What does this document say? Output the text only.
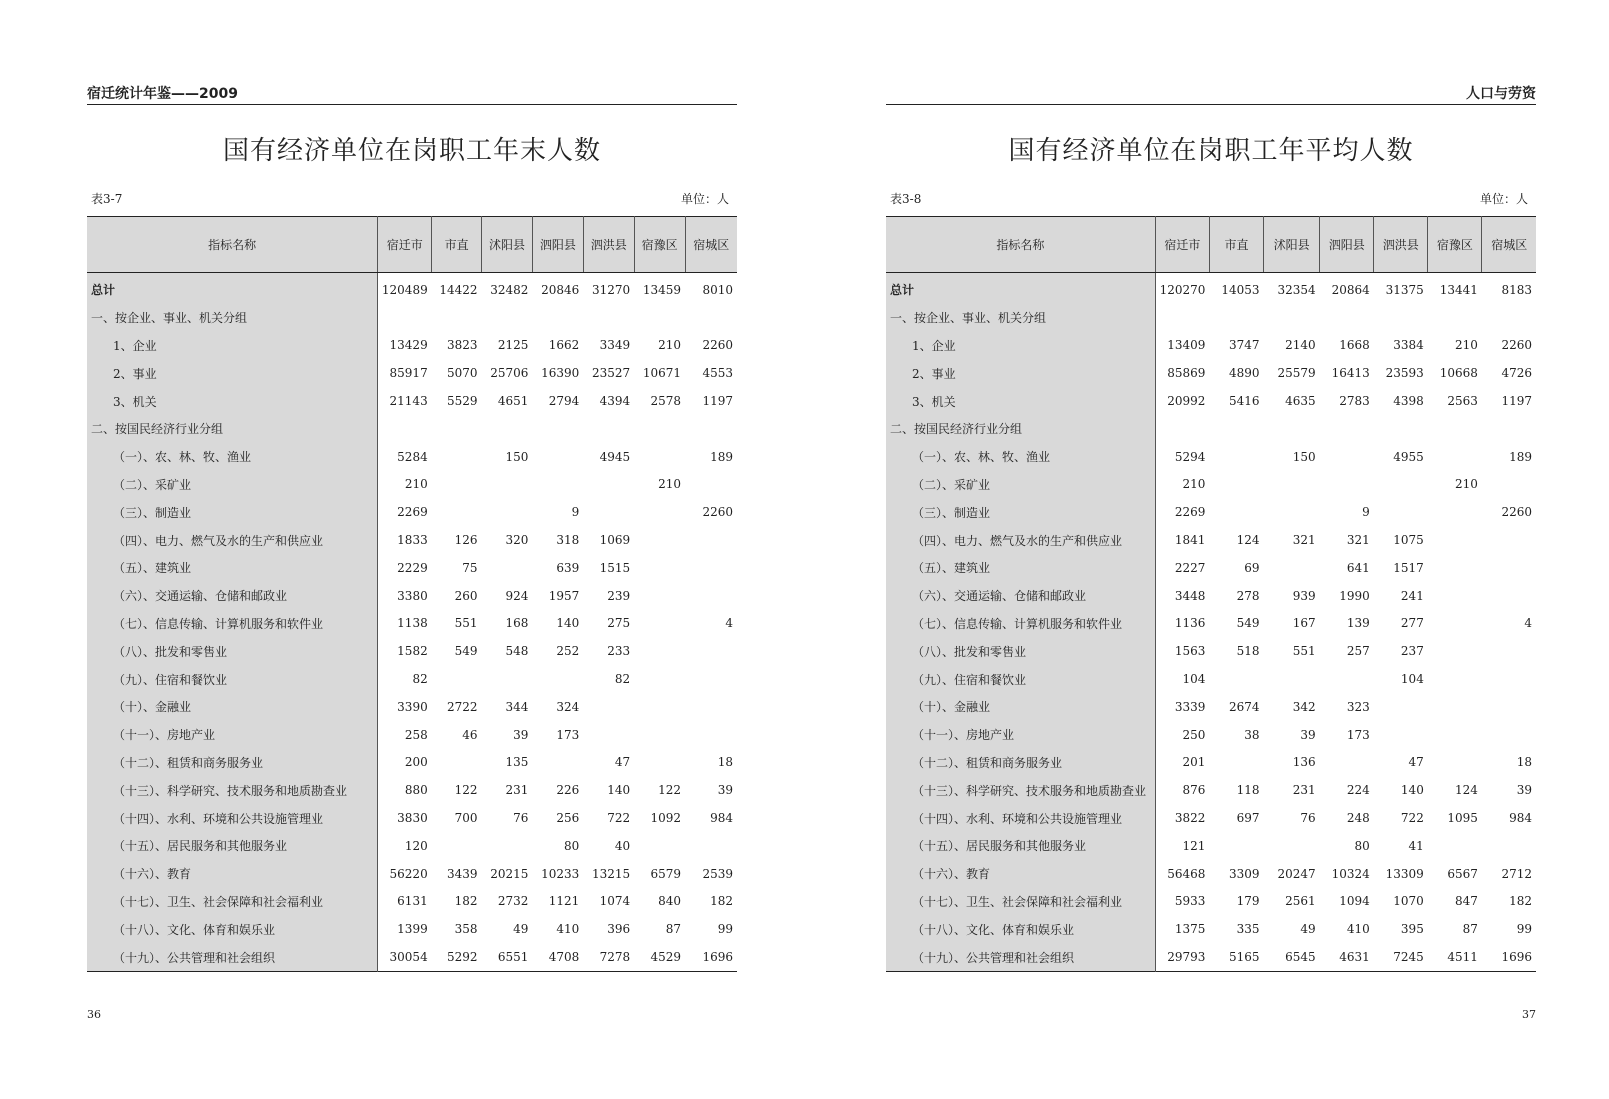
宿迁统计年鉴——2009
国有经济单位在岗职工年末人数
表3-7	单位：人
指标名称	宿迁市	市直	沭阳县	泗阳县	泗洪县	宿豫区	宿城区
总计	120489	14422	32482	20846	31270	13459	8010
一、按企业、事业、机关分组							
1、企业	13429	3823	2125	1662	3349	210	2260
2、事业	85917	5070	25706	16390	23527	10671	4553
3、机关	21143	5529	4651	2794	4394	2578	1197
二、按国民经济行业分组							
（一）、农、林、牧、渔业	5284		150		4945		189
（二）、采矿业	210					210	
（三）、制造业	2269			9			2260
（四）、电力、燃气及水的生产和供应业	1833	126	320	318	1069		
（五）、建筑业	2229	75		639	1515		
（六）、交通运输、仓储和邮政业	3380	260	924	1957	239		
（七）、信息传输、计算机服务和软件业	1138	551	168	140	275		4
（八）、批发和零售业	1582	549	548	252	233		
（九）、住宿和餐饮业	82				82		
（十）、金融业	3390	2722	344	324			
（十一）、房地产业	258	46	39	173			
（十二）、租赁和商务服务业	200		135		47		18
（十三）、科学研究、技术服务和地质勘查业	880	122	231	226	140	122	39
（十四）、水利、环境和公共设施管理业	3830	700	76	256	722	1092	984
（十五）、居民服务和其他服务业	120			80	40		
（十六）、教育	56220	3439	20215	10233	13215	6579	2539
（十七）、卫生、社会保障和社会福利业	6131	182	2732	1121	1074	840	182
（十八）、文化、体育和娱乐业	1399	358	49	410	396	87	99
（十九）、公共管理和社会组织	30054	5292	6551	4708	7278	4529	1696
36
人口与劳资
国有经济单位在岗职工年平均人数
表3-8	单位：人
指标名称	宿迁市	市直	沭阳县	泗阳县	泗洪县	宿豫区	宿城区
总计	120270	14053	32354	20864	31375	13441	8183
一、按企业、事业、机关分组							
1、企业	13409	3747	2140	1668	3384	210	2260
2、事业	85869	4890	25579	16413	23593	10668	4726
3、机关	20992	5416	4635	2783	4398	2563	1197
二、按国民经济行业分组							
（一）、农、林、牧、渔业	5294		150		4955		189
（二）、采矿业	210					210	
（三）、制造业	2269			9			2260
（四）、电力、燃气及水的生产和供应业	1841	124	321	321	1075		
（五）、建筑业	2227	69		641	1517		
（六）、交通运输、仓储和邮政业	3448	278	939	1990	241		
（七）、信息传输、计算机服务和软件业	1136	549	167	139	277		4
（八）、批发和零售业	1563	518	551	257	237		
（九）、住宿和餐饮业	104				104		
（十）、金融业	3339	2674	342	323			
（十一）、房地产业	250	38	39	173			
（十二）、租赁和商务服务业	201		136		47		18
（十三）、科学研究、技术服务和地质勘查业	876	118	231	224	140	124	39
（十四）、水利、环境和公共设施管理业	3822	697	76	248	722	1095	984
（十五）、居民服务和其他服务业	121			80	41		
（十六）、教育	56468	3309	20247	10324	13309	6567	2712
（十七）、卫生、社会保障和社会福利业	5933	179	2561	1094	1070	847	182
（十八）、文化、体育和娱乐业	1375	335	49	410	395	87	99
（十九）、公共管理和社会组织	29793	5165	6545	4631	7245	4511	1696
37
